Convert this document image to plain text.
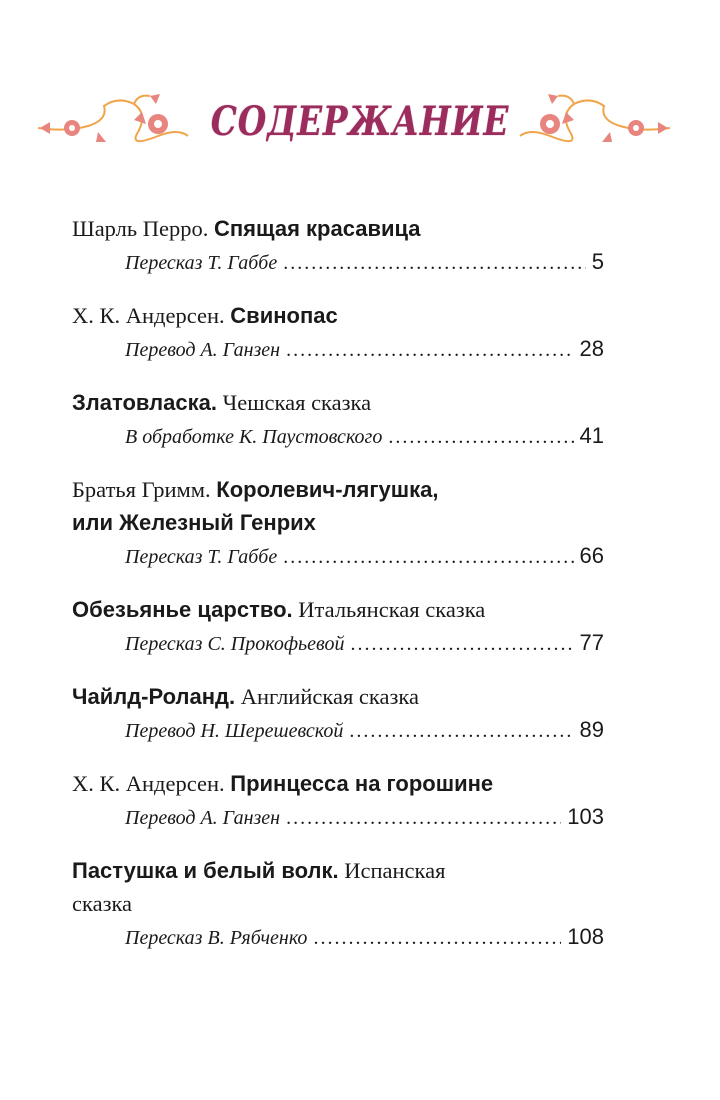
СОДЕРЖАНИЕ
Шарль Перро. Спящая красавица
Пересказ Т. Габбе .....	5
Х. К. Андерсен. Свинопас
Перевод А. Ганзен .....	28
Златовласка. Чешская сказка
В обработке К. Паустовского .....	41
Братья Гримм. Королевич-лягушка,
или Железный Генрих
Пересказ Т. Габбе .....	66
Обезьянье царство. Итальянская сказка
Пересказ С. Прокофьевой .....	77
Чайлд-Роланд. Английская сказка
Перевод Н. Шерешевской .....	89
Х. К. Андерсен. Принцесса на горошине
Перевод А. Ганзен .....	103
Пастушка и белый волк. Испанская
сказка
Пересказ В. Рябченко .....	108
